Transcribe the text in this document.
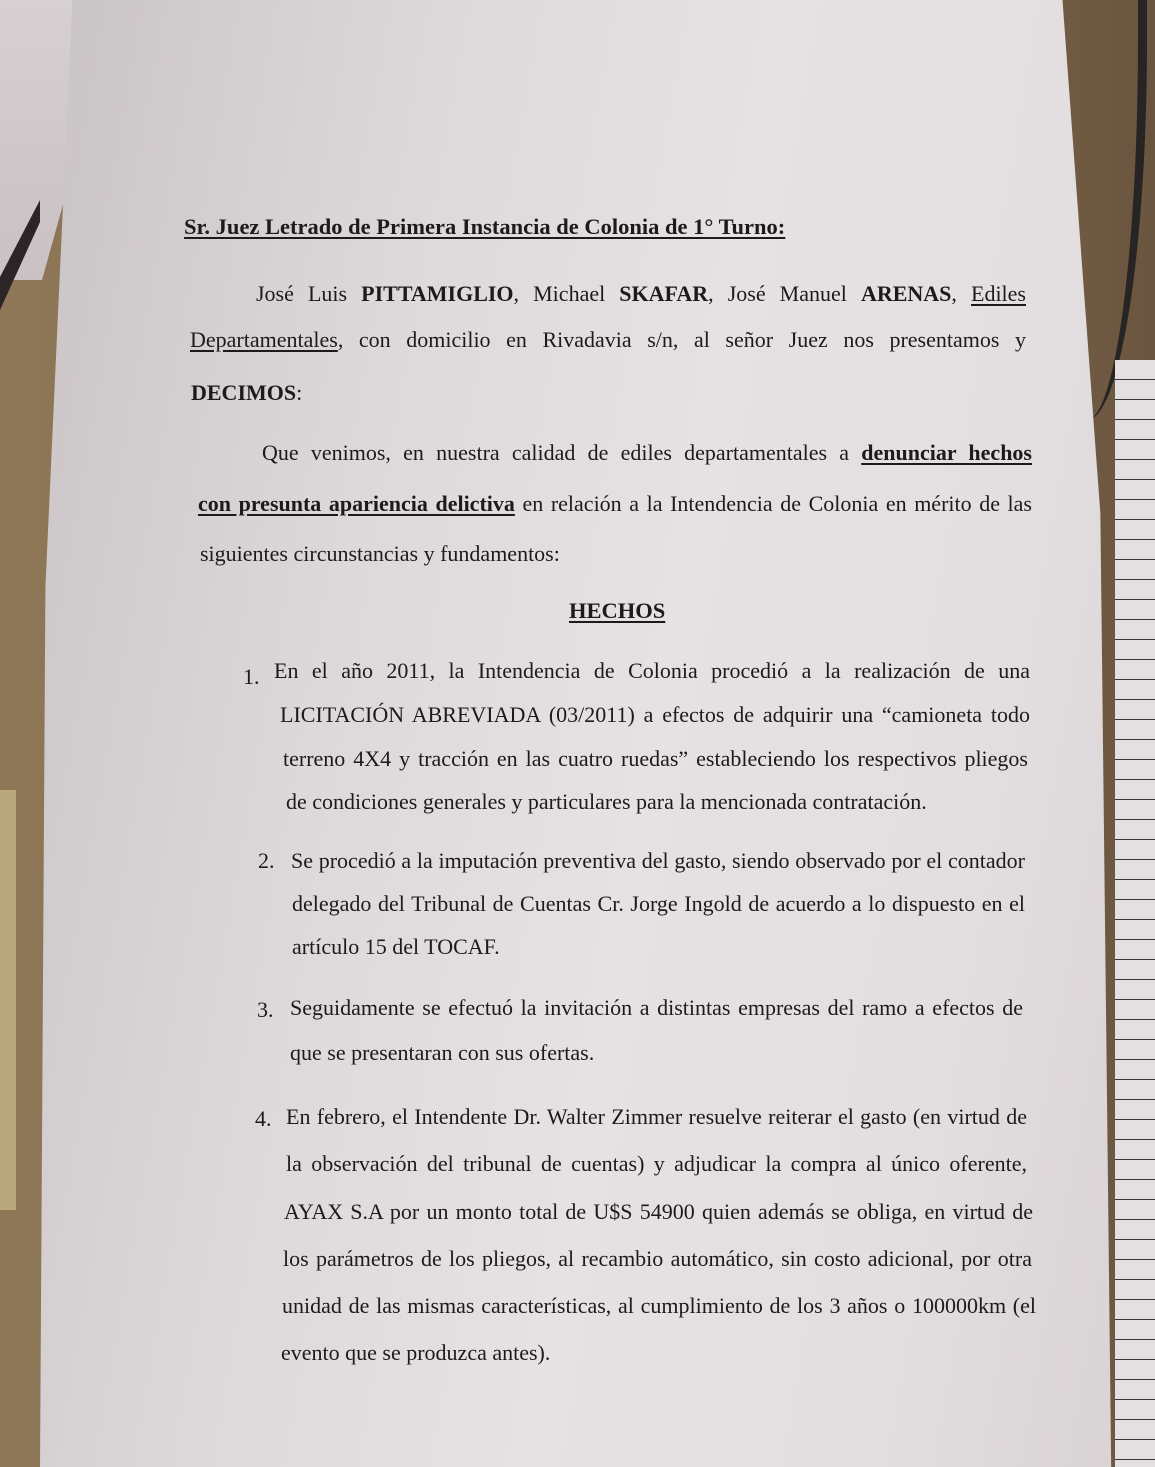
Sr. Juez Letrado de Primera Instancia de Colonia de 1° Turno:
José Luis PITTAMIGLIO, Michael SKAFAR, José Manuel ARENAS, Ediles
Departamentales, con domicilio en Rivadavia s/n, al señor Juez nos presentamos y
DECIMOS:
Que venimos, en nuestra calidad de ediles departamentales a denunciar hechos
con presunta apariencia delictiva en relación a la Intendencia de Colonia en mérito de las
siguientes circunstancias y fundamentos:
HECHOS
1. En el año 2011, la Intendencia de Colonia procedió a la realización de una
LICITACIÓN ABREVIADA (03/2011) a efectos de adquirir una “camioneta todo
terreno 4X4 y tracción en las cuatro ruedas” estableciendo los respectivos pliegos
de condiciones generales y particulares para la mencionada contratación.
2. Se procedió a la imputación preventiva del gasto, siendo observado por el contador
delegado del Tribunal de Cuentas Cr. Jorge Ingold de acuerdo a lo dispuesto en el
artículo 15 del TOCAF.
3. Seguidamente se efectuó la invitación a distintas empresas del ramo a efectos de
que se presentaran con sus ofertas.
4. En febrero, el Intendente Dr. Walter Zimmer resuelve reiterar el gasto (en virtud de
la observación del tribunal de cuentas) y adjudicar la compra al único oferente,
AYAX S.A por un monto total de U$S 54900 quien además se obliga, en virtud de
los parámetros de los pliegos, al recambio automático, sin costo adicional, por otra
unidad de las mismas características, al cumplimiento de los 3 años o 100000km (el
evento que se produzca antes).
